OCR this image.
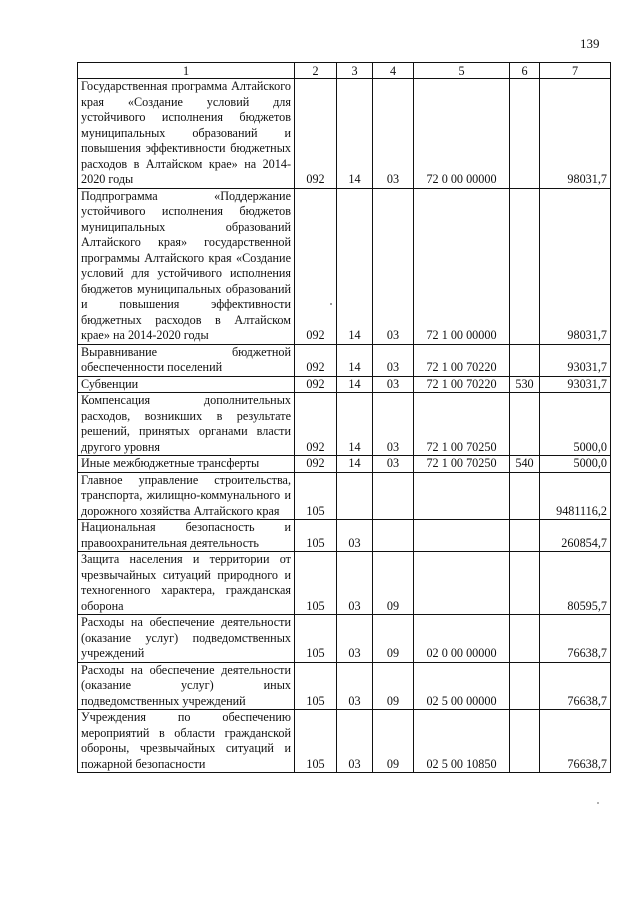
139
1	2	3	4	5	6	7
Государственная программа Алтайского края «Создание условий для устойчивого исполнения бюджетов муниципальных образований и повышения эффективности бюджетных расходов в Алтайском крае» на 2014-2020 годы	092	14	03	72 0 00 00000		98031,7
Подпрограмма «Поддержание устойчивого исполнения бюджетов муниципальных образований Алтайского края» государственной программы Алтайского края «Создание условий для устойчивого исполнения бюджетов муниципальных образований и повышения эффективности бюджетных расходов в Алтайском крае» на 2014-2020 годы	092	14	03	72 1 00 00000		98031,7
Выравнивание бюджетной обеспеченности поселений	092	14	03	72 1 00 70220		93031,7
Субвенции	092	14	03	72 1 00 70220	530	93031,7
Компенсация дополнительных расходов, возникших в результате решений, принятых органами власти другого уровня	092	14	03	72 1 00 70250		5000,0
Иные межбюджетные трансферты	092	14	03	72 1 00 70250	540	5000,0
Главное управление строительства, транспорта, жилищно-коммунального и дорожного хозяйства Алтайского края	105					9481116,2
Национальная безопасность и правоохранительная деятельность	105	03				260854,7
Защита населения и территории от чрезвычайных ситуаций природного и техногенного характера, гражданская оборона	105	03	09			80595,7
Расходы на обеспечение деятельности (оказание услуг) подведомственных учреждений	105	03	09	02 0 00 00000		76638,7
Расходы на обеспечение деятельности (оказание услуг) иных подведомственных учреждений	105	03	09	02 5 00 00000		76638,7
Учреждения по обеспечению мероприятий в области гражданской обороны, чрезвычайных ситуаций и пожарной безопасности	105	03	09	02 5 00 10850		76638,7
